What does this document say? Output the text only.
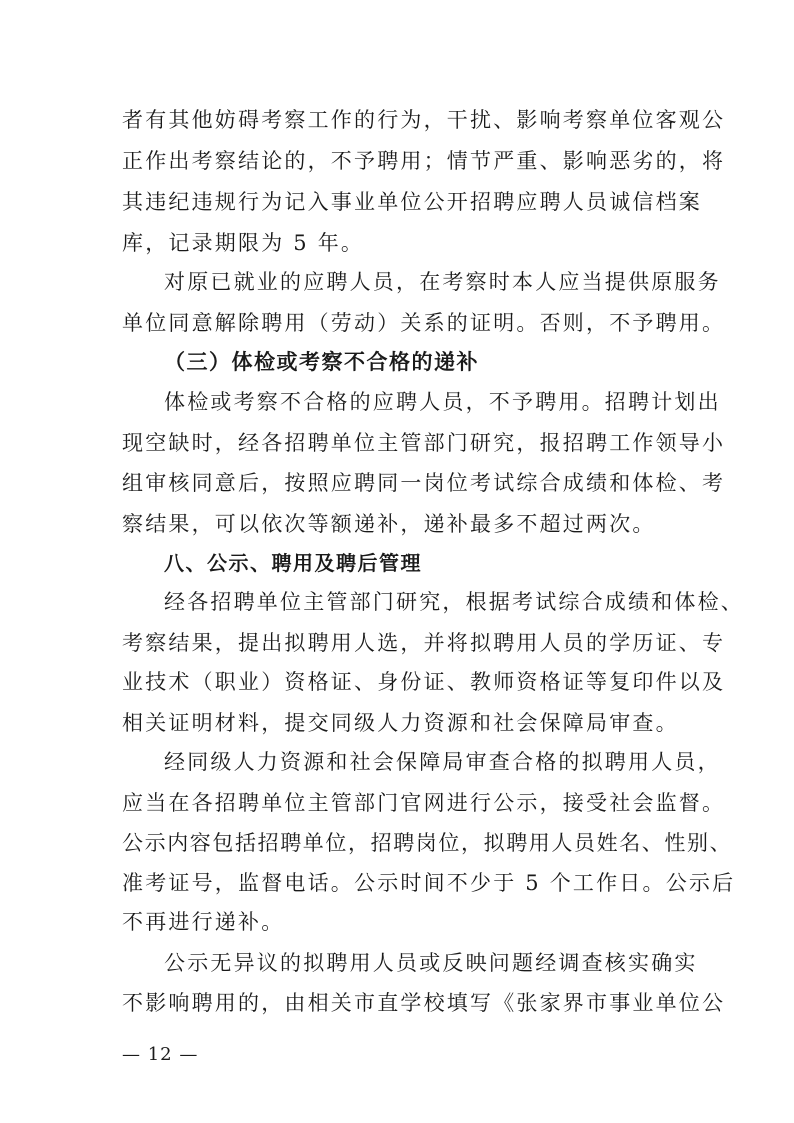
者有其他妨碍考察工作的行为，干扰、影响考察单位客观公
正作出考察结论的，不予聘用；情节严重、影响恶劣的，将
其违纪违规行为记入事业单位公开招聘应聘人员诚信档案
库，记录期限为 5 年。
对原已就业的应聘人员，在考察时本人应当提供原服务
单位同意解除聘用（劳动）关系的证明。否则，不予聘用。
（三）体检或考察不合格的递补
体检或考察不合格的应聘人员，不予聘用。招聘计划出
现空缺时，经各招聘单位主管部门研究，报招聘工作领导小
组审核同意后，按照应聘同一岗位考试综合成绩和体检、考
察结果，可以依次等额递补，递补最多不超过两次。
八、公示、聘用及聘后管理
经各招聘单位主管部门研究，根据考试综合成绩和体检、
考察结果，提出拟聘用人选，并将拟聘用人员的学历证、专
业技术（职业）资格证、身份证、教师资格证等复印件以及
相关证明材料，提交同级人力资源和社会保障局审查。
经同级人力资源和社会保障局审查合格的拟聘用人员，
应当在各招聘单位主管部门官网进行公示，接受社会监督。
公示内容包括招聘单位，招聘岗位，拟聘用人员姓名、性别、
准考证号，监督电话。公示时间不少于 5 个工作日。公示后
不再进行递补。
公示无异议的拟聘用人员或反映问题经调查核实确实
不影响聘用的，由相关市直学校填写《张家界市事业单位公
— 12 —
